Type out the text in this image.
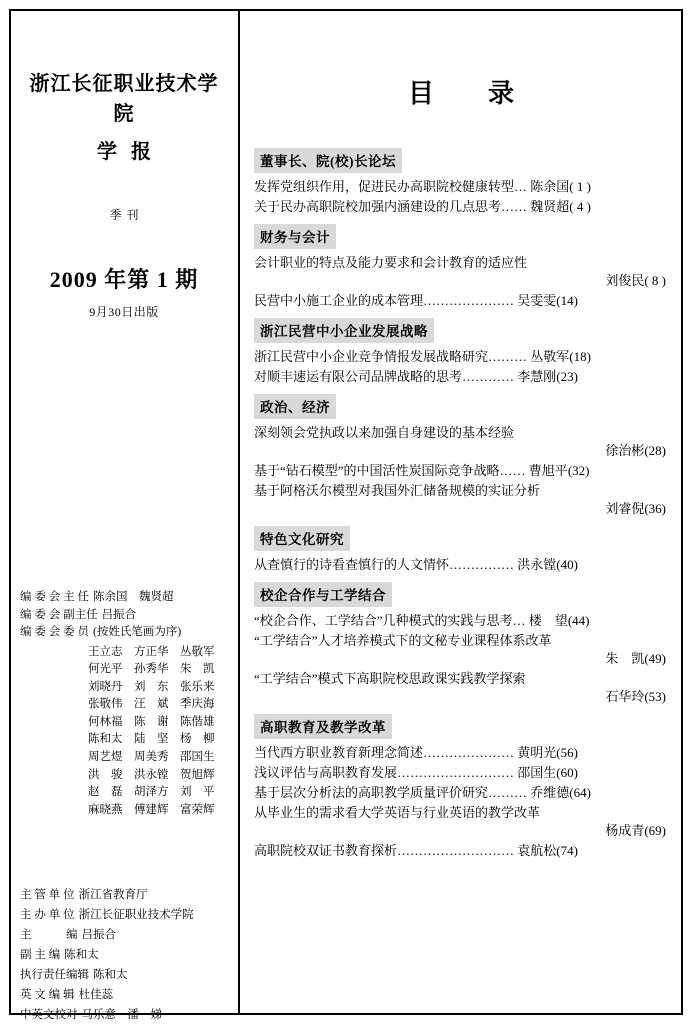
浙江长征职业技术学院
学报
季刊
2009 年第 1 期
9月30日出版
编 委 会 主 任 陈余国　魏贤超
编 委 会 副主任 吕振合
编 委 会 委 员 (按姓氏笔画为序)
王立志 方正华 丛敬军
何光平 孙秀华 朱　凯
刘晓丹 刘　东 张乐来
张敬伟 汪　斌 季庆海
何林福 陈　谢 陈偕雄
陈和太 陆　坚 杨　柳
周艺煜 周美秀 邵国生
洪　骏 洪永镗 贺旭辉
赵　磊 胡泽方 刘　平
麻晓燕 傅建辉 富荣辉
主 管 单 位 浙江省教育厅
主 办 单 位 浙江长征职业技术学院
主　　　编 吕振合
副 主 编 陈和太
执行责任编辑 陈和太
英 文 编 辑 杜佳蕊
中英文校对 马乐意　潘　娣
目　录
董事长、院(校)长论坛
发挥党组织作用，促进民办高职院校健康转型… 陈余国( 1 )
关于民办高职院校加强内涵建设的几点思考…… 魏贤超( 4 )
财务与会计
会计职业的特点及能力要求和会计教育的适应性
刘俊民( 8 )
民营中小施工企业的成本管理………………… 吴雯雯(14)
浙江民营中小企业发展战略
浙江民营中小企业竞争情报发展战略研究……… 丛敬军(18)
对顺丰速运有限公司品牌战略的思考………… 李慧刚(23)
政治、经济
深刻领会党执政以来加强自身建设的基本经验
徐治彬(28)
基于“钻石模型”的中国活性炭国际竞争战略…… 曹旭平(32)
基于阿格沃尔模型对我国外汇储备规模的实证分析
刘睿倪(36)
特色文化研究
从查慎行的诗看查慎行的人文情怀…………… 洪永镗(40)
校企合作与工学结合
“校企合作、工学结合”几种模式的实践与思考… 楼　望(44)
“工学结合”人才培养模式下的文秘专业课程体系改革
朱　凯(49)
“工学结合”模式下高职院校思政课实践教学探索
石华玲(53)
高职教育及教学改革
当代西方职业教育新理念简述………………… 黄明光(56)
浅议评估与高职教育发展……………………… 邵国生(60)
基于层次分析法的高职教学质量评价研究……… 乔维德(64)
从毕业生的需求看大学英语与行业英语的教学改革
杨成青(69)
高职院校双证书教育探析……………………… 袁航松(74)
